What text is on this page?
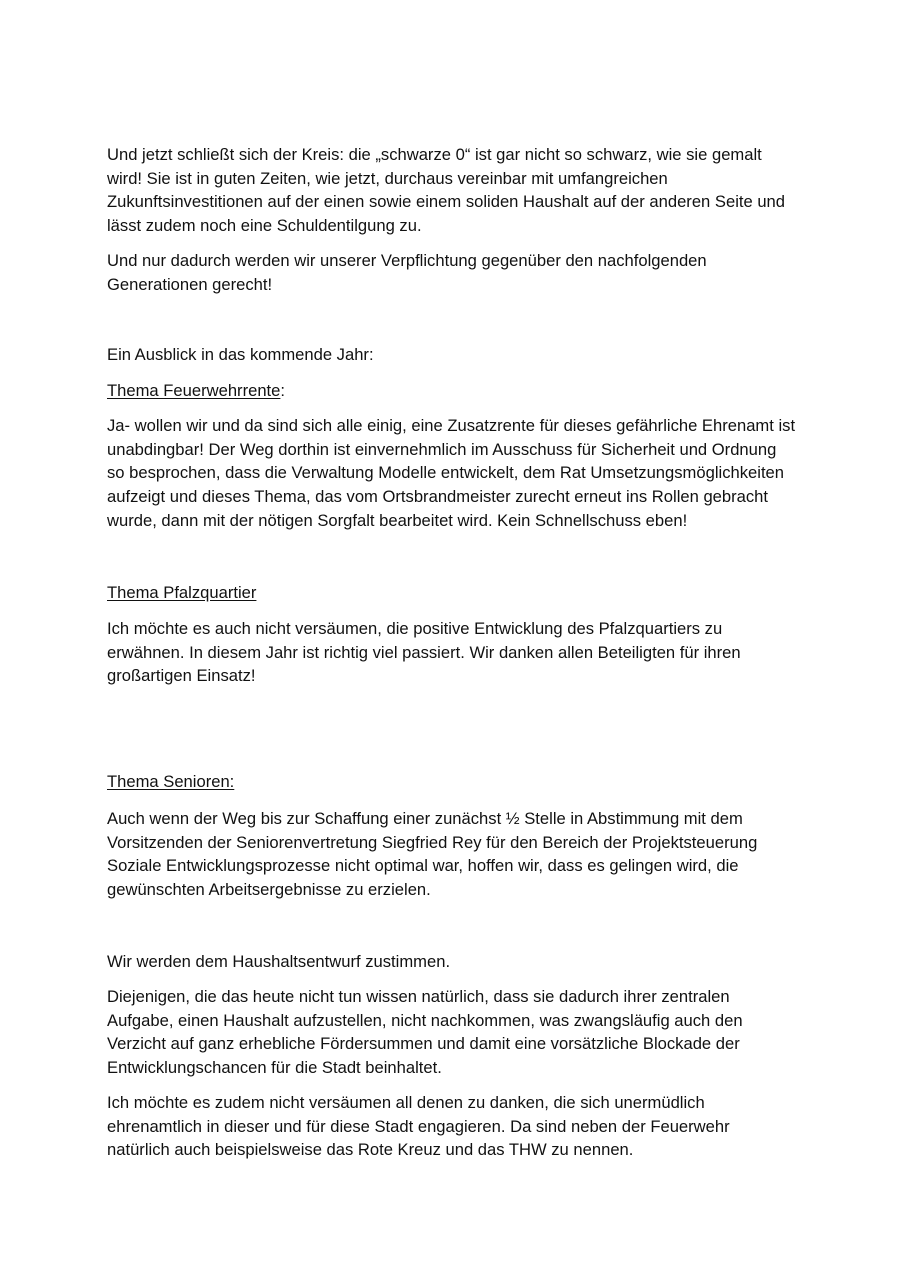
Und jetzt schließt sich der Kreis: die „schwarze 0“ ist gar nicht so schwarz, wie sie gemalt
wird! Sie ist in guten Zeiten, wie jetzt, durchaus vereinbar mit umfangreichen
Zukunftsinvestitionen auf der einen sowie einem soliden Haushalt auf der anderen Seite und
lässt zudem noch eine Schuldentilgung zu.

Und nur dadurch werden wir unserer Verpflichtung gegenüber den nachfolgenden
Generationen gerecht!

Ein Ausblick in das kommende Jahr:

Thema Feuerwehrrente:

Ja- wollen wir und da sind sich alle einig, eine Zusatzrente für dieses gefährliche Ehrenamt ist
unabdingbar! Der Weg dorthin ist einvernehmlich im Ausschuss für Sicherheit und Ordnung
so besprochen, dass die Verwaltung Modelle entwickelt, dem Rat Umsetzungsmöglichkeiten
aufzeigt und dieses Thema, das vom Ortsbrandmeister zurecht erneut ins Rollen gebracht
wurde, dann mit der nötigen Sorgfalt bearbeitet wird. Kein Schnellschuss eben!

Thema Pfalzquartier

Ich möchte es auch nicht versäumen, die positive Entwicklung des Pfalzquartiers zu
erwähnen. In diesem Jahr ist richtig viel passiert. Wir danken allen Beteiligten für ihren
großartigen Einsatz!

Thema Senioren:

Auch wenn der Weg bis zur Schaffung einer zunächst ½ Stelle in Abstimmung mit dem
Vorsitzenden der Seniorenvertretung Siegfried Rey für den Bereich der Projektsteuerung
Soziale Entwicklungsprozesse nicht optimal war, hoffen wir, dass es gelingen wird, die
gewünschten Arbeitsergebnisse zu erzielen.

Wir werden dem Haushaltsentwurf zustimmen.

Diejenigen, die das heute nicht tun wissen natürlich, dass sie dadurch ihrer zentralen
Aufgabe, einen Haushalt aufzustellen, nicht nachkommen, was zwangsläufig auch den
Verzicht auf ganz erhebliche Fördersummen und damit eine vorsätzliche Blockade der
Entwicklungschancen für die Stadt beinhaltet.

Ich möchte es zudem nicht versäumen all denen zu danken, die sich unermüdlich
ehrenamtlich in dieser und für diese Stadt engagieren. Da sind neben der Feuerwehr
natürlich auch beispielsweise das Rote Kreuz und das THW zu nennen.
